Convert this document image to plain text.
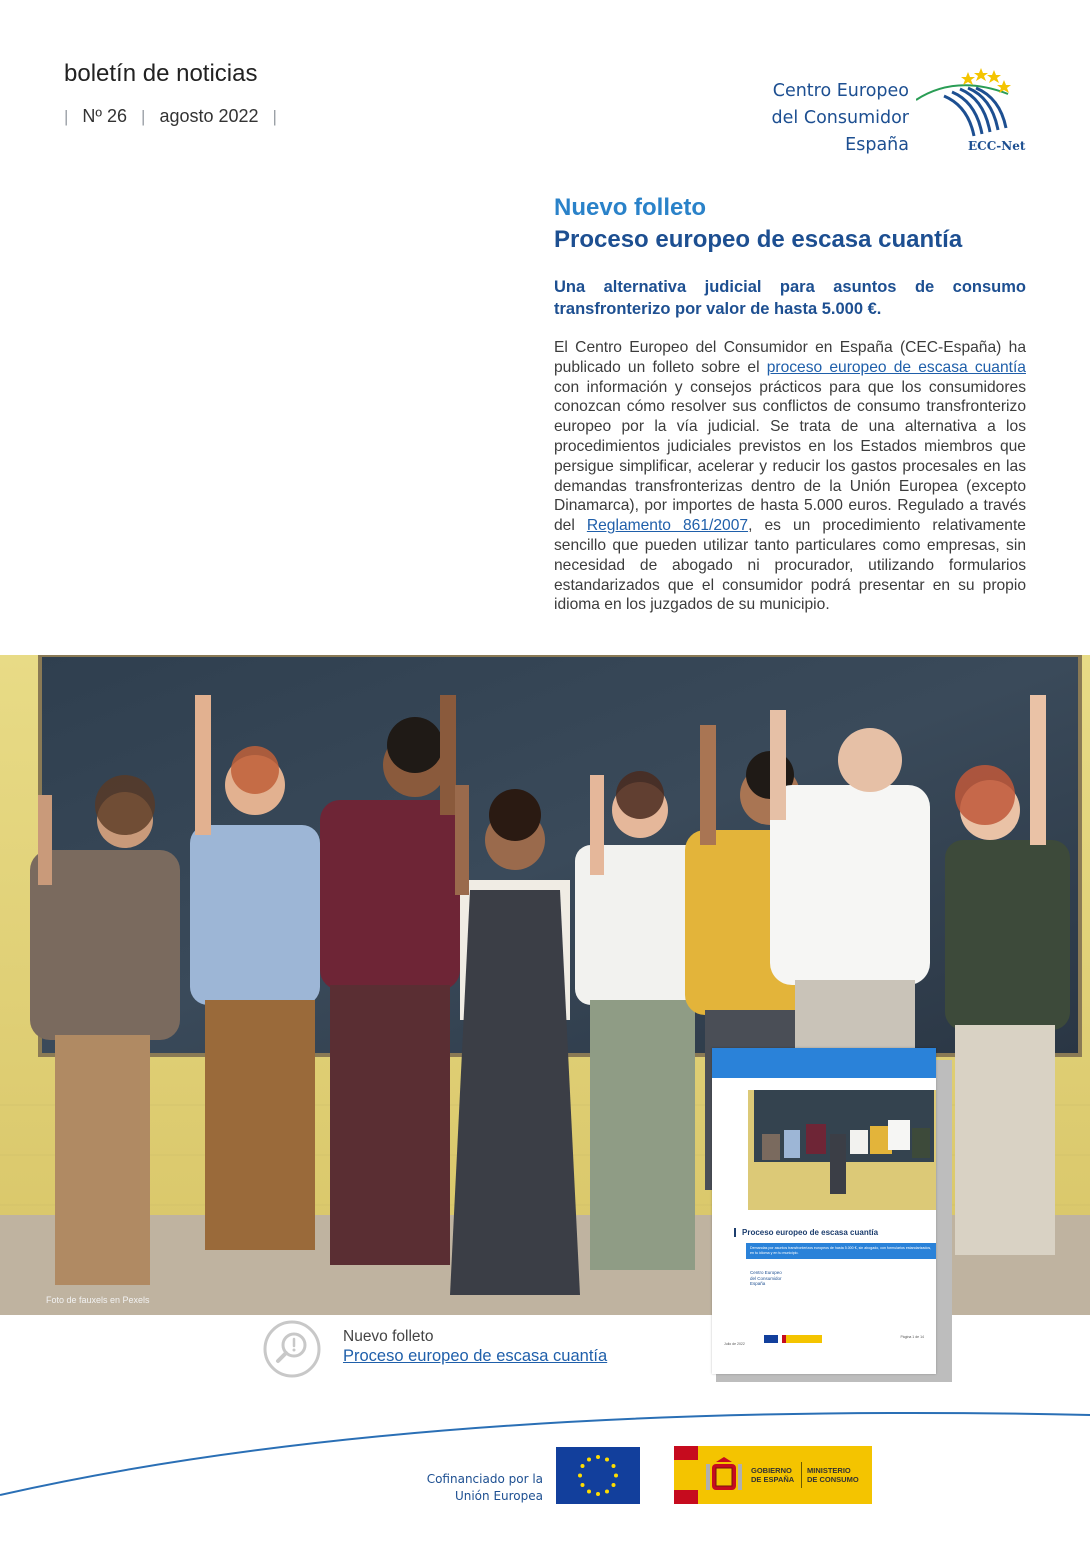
boletín de noticias
| Nº 26 | agosto 2022 |
Centro Europeo
del Consumidor
España	ECC-Net
Nuevo folleto
Proceso europeo de escasa cuantía
Una alternativa judicial para asuntos de consumo transfronterizo por valor de hasta 5.000 €.
El Centro Europeo del Consumidor en España (CEC-España) ha publicado un folleto sobre el proceso europeo de escasa cuantía con información y consejos prácticos para que los consumidores conozcan cómo resolver sus conflictos de consumo transfronterizo europeo por la vía judicial. Se trata de una alternativa a los procedimientos judiciales previstos en los Estados miembros que persigue simplificar, acelerar y reducir los gastos procesales en las demandas transfronterizas dentro de la Unión Europea (excepto Dinamarca), por importes de hasta 5.000 euros. Regulado a través del Reglamento 861/2007, es un procedimiento relativamente sencillo que pueden utilizar tanto particulares como empresas, sin necesidad de abogado ni procurador, utilizando formularios estandarizados que el consumidor podrá presentar en su propio idioma en los juzgados de su municipio.
Foto de fauxels en Pexels
Proceso europeo de escasa cuantía
Demandas por asuntos transfronterizos europeos de hasta 5.000 €, sin abogado, con formularios estandarizados, en tu idioma y en tu municipio.
Centro Europeo
del Consumidor
España
Julio de 2022
Página 1 de 14
Nuevo folleto
Proceso europeo de escasa cuantía
Cofinanciado por la
Unión Europea
GOBIERNO
DE ESPAÑA
MINISTERIO
DE CONSUMO
